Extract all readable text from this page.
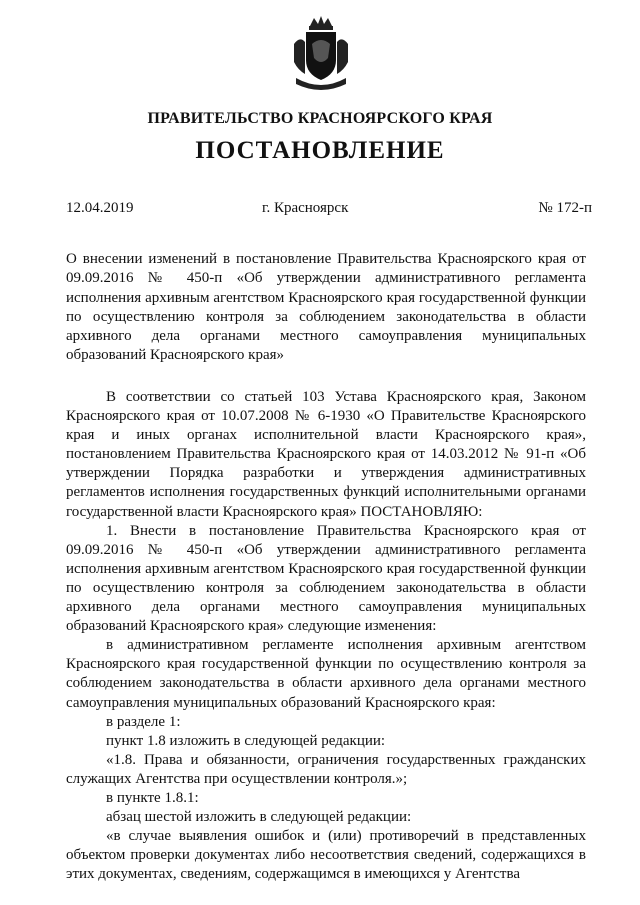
ПРАВИТЕЛЬСТВО КРАСНОЯРСКОГО КРАЯ
ПОСТАНОВЛЕНИЕ
12.04.2019	г. Красноярск	№ 172-п
О внесении изменений в постановление Правительства Красноярского края от 09.09.2016 № 450-п «Об утверждении административного регламента исполнения архивным агентством Красноярского края государственной функции по осуществлению контроля за соблюдением законодательства в области архивного дела органами местного самоуправления муниципальных образований Красноярского края»

В соответствии со статьей 103 Устава Красноярского края, Законом Красноярского края от 10.07.2008 № 6-1930 «О Правительстве Красноярского края и иных органах исполнительной власти Красноярского края», постановлением Правительства Красноярского края от 14.03.2012 № 91-п «Об утверждении Порядка разработки и утверждения административных регламентов исполнения государственных функций исполнительными органами государственной власти Красноярского края» ПОСТАНОВЛЯЮ:

1. Внести в постановление Правительства Красноярского края от 09.09.2016 № 450-п «Об утверждении административного регламента исполнения архивным агентством Красноярского края государственной функции по осуществлению контроля за соблюдением законодательства в области архивного дела органами местного самоуправления муниципальных образований Красноярского края» следующие изменения:

в административном регламенте исполнения архивным агентством Красноярского края государственной функции по осуществлению контроля за соблюдением законодательства в области архивного дела органами местного самоуправления муниципальных образований Красноярского края:

в разделе 1:

пункт 1.8 изложить в следующей редакции:

«1.8. Права и обязанности, ограничения государственных гражданских служащих Агентства при осуществлении контроля.»;

в пункте 1.8.1:

абзац шестой изложить в следующей редакции:

«в случае выявления ошибок и (или) противоречий в представленных объектом проверки документах либо несоответствия сведений, содержащихся в этих документах, сведениям, содержащимся в имеющихся у Агентства
